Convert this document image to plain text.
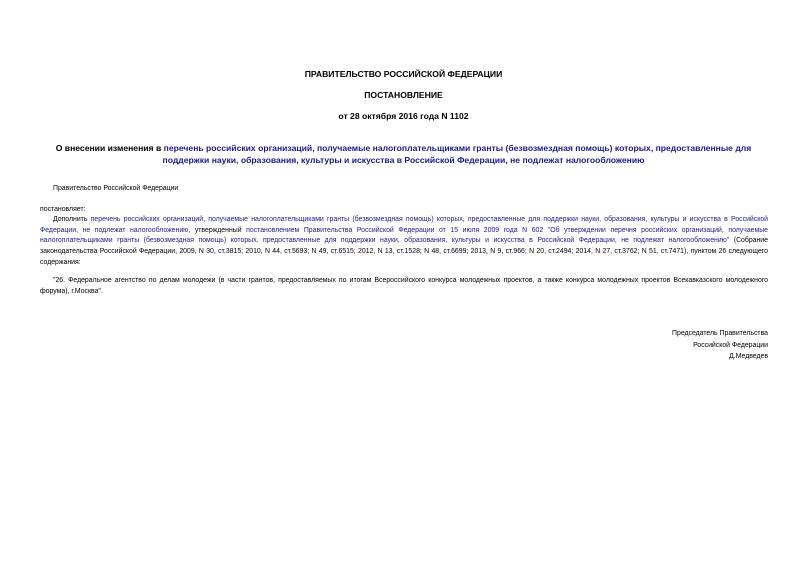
ПРАВИТЕЛЬСТВО РОССИЙСКОЙ ФЕДЕРАЦИИ
ПОСТАНОВЛЕНИЕ
от 28 октября 2016 года N 1102
О внесении изменения в перечень российских организаций, получаемые налогоплательщиками гранты (безвозмездная помощь) которых, предоставленные для поддержки науки, образования, культуры и искусства в Российской Федерации, не подлежат налогообложению
Правительство Российской Федерации
постановляет:
Дополнить перечень российских организаций, получаемые налогоплательщиками гранты (безвозмездная помощь) которых, предоставленные для поддержки науки, образования, культуры и искусства в Российской Федерации, не подлежат налогообложению, утвержденный постановлением Правительства Российской Федерации от 15 июля 2009 года N 602 "Об утверждении перечня российских организаций, получаемые налогоплательщиками гранты (безвозмездная помощь) которых, предоставленные для поддержки науки, образования, культуры и искусства в Российской Федерации, не подлежат налогообложению" (Собрание законодательства Российской Федерации, 2009, N 30, ст.3815; 2010, N 44, ст.5693; N 49, ст.6515; 2012, N 13, ст.1528; N 48, ст.6699; 2013, N 9, ст.966; N 20, ст.2494; 2014, N 27, ст.3762; N 51, ст.7471), пунктом 26 следующего содержания:
"26. Федеральное агентство по делам молодежи (в части грантов, предоставляемых по итогам Всероссийского конкурса молодежных проектов, а также конкурса молодежных проектов Всекавказского молодежного форума), г.Москва".
Председатель Правительства
Российской Федерации
Д.Медведев
